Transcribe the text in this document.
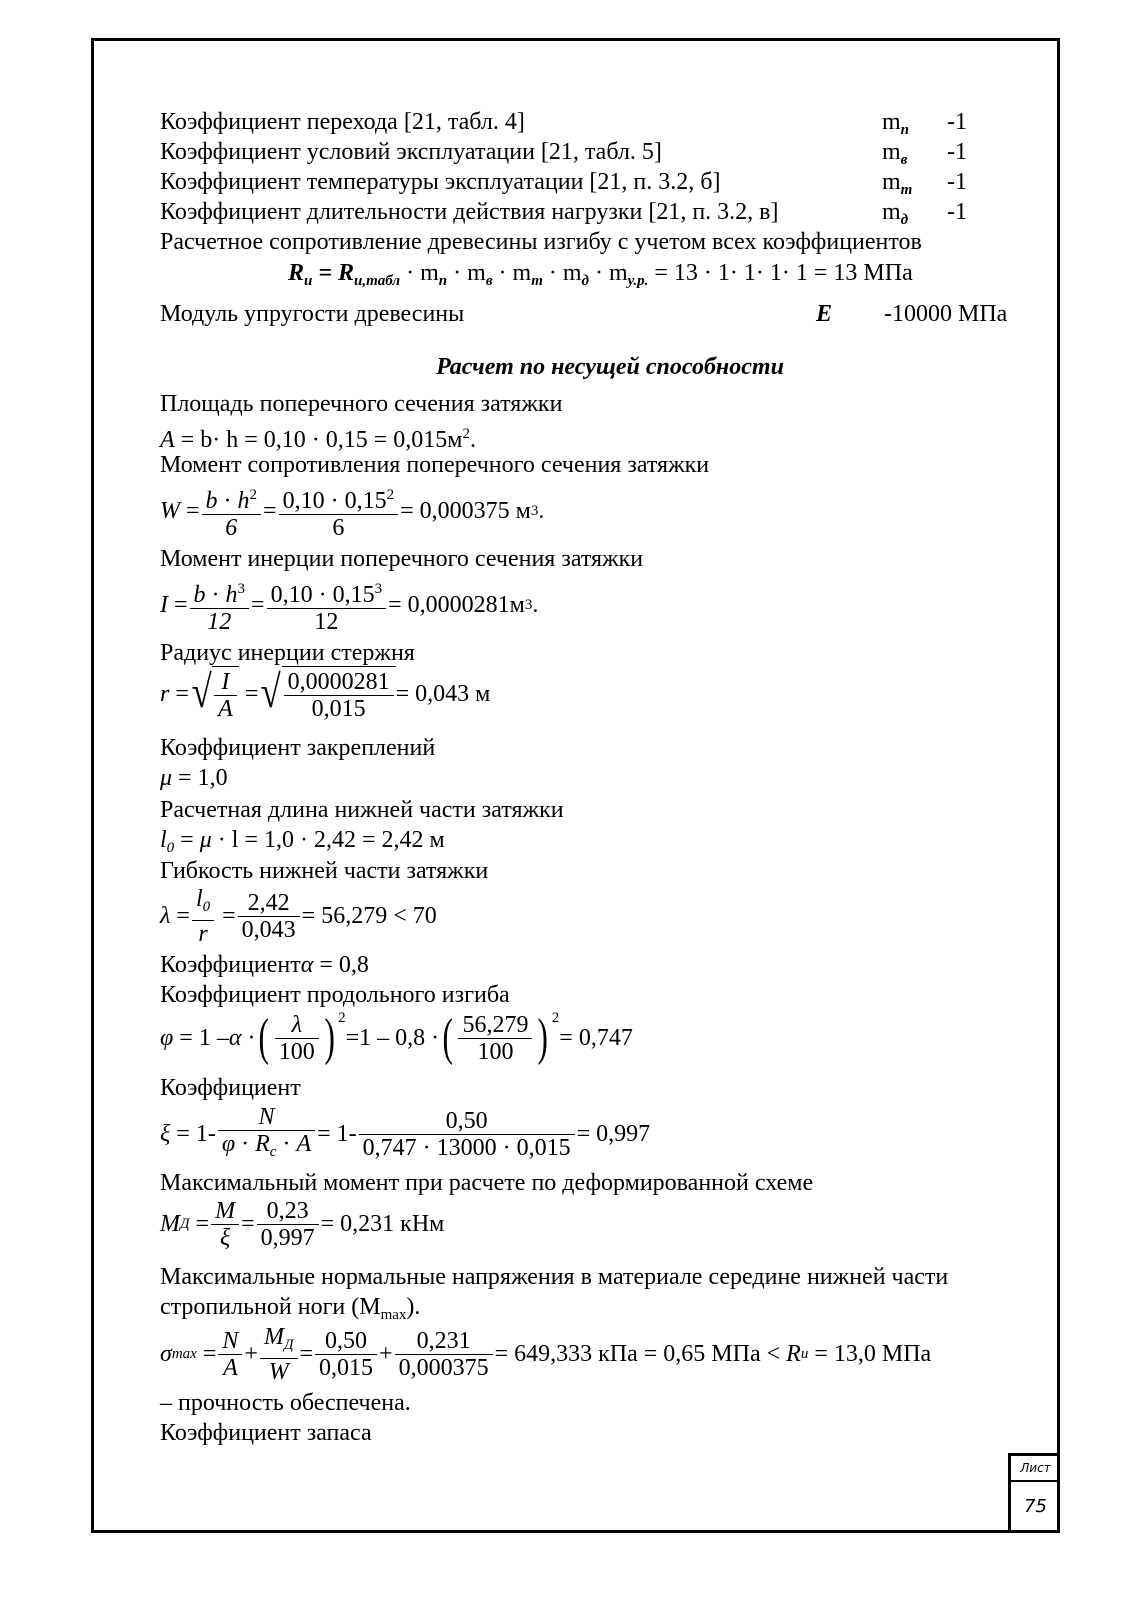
Коэффициент перехода [21, табл. 4]	$m_п$ -1
Коэффициент условий эксплуатации [21, табл. 5]	$m_в$ -1
Коэффициент температуры эксплуатации [21, п. 3.2, б]	$m_т$ -1
Коэффициент длительности действия нагрузки [21, п. 3.2, в]	$m_д$ -1
Расчетное сопротивление древесины изгибу с учетом всех коэффициентов
$R_и = R_{и,табл} \cdot m_п \cdot m_в \cdot m_т \cdot m_д \cdot m_{у.р.} = 13 \cdot 1\cdot 1\cdot 1\cdot 1 = 13$ МПа
Модуль упругости древесины	E -10000 МПа
Расчет по несущей способности
Площадь поперечного сечения затяжки
$A = b\cdot h = 0,10 \cdot 0,15 = 0,015м^2$.
Момент сопротивления поперечного сечения затяжки
$W = \frac{b \cdot h^2}{6} = \frac{0,10 \cdot 0,15^2}{6} = 0,000375$ м 3 .
Момент инерции поперечного сечения затяжки
$I = \frac{b \cdot h^3}{12} = \frac{0,10 \cdot 0,15^3}{12} = 0,0000281м$ 3 .
Радиус инерции стержня
r = √ $\frac{I}{A}$ = √ $\frac{0,0000281}{0,015} = 0,043$ м
Коэффициент закреплений
μ = 1,0
Расчетная длина нижней части затяжки
$l_0 = \mu \cdot l = 1,0 \cdot 2,42 = 2,42$ м
Гибкость нижней части затяжки
$\lambda = \frac{l_0}{r} = \frac{2,42}{0,043} = 56,279 < 70$
Коэффициентα = 0,8
Коэффициент продольного изгиба
φ = 1 – α · ( $\frac{\lambda}{100}$ ) 2
=1 – 0,8 · ( $\frac{56,279}{100}$ ) 2
= 0,747
Коэффициент
$\xi = 1- \frac{N}{\varphi \cdot R_c \cdot A} = 1- \frac{0,50}{0,747 \cdot 13000 \cdot 0,015} = 0,997$
Максимальный момент при расчете по деформированной схеме
M $Д = \frac{M}{\xi} = \frac{0,23}{0,997} = 0,231$ кНм
Максимальные нормальные напряжения в материале середине нижней части
стропильной ноги $(M_{max})$.
σ $\max = \frac{N}{A} + \frac{M_Д}{W} = \frac{0,50}{0,015} + \frac{0,231}{0,000375} = 649,333$ кПа = 0,65 МПа <
R и
= 13,0 МПа
– прочность обеспечена.
Коэффициент запаса
Лист
75
